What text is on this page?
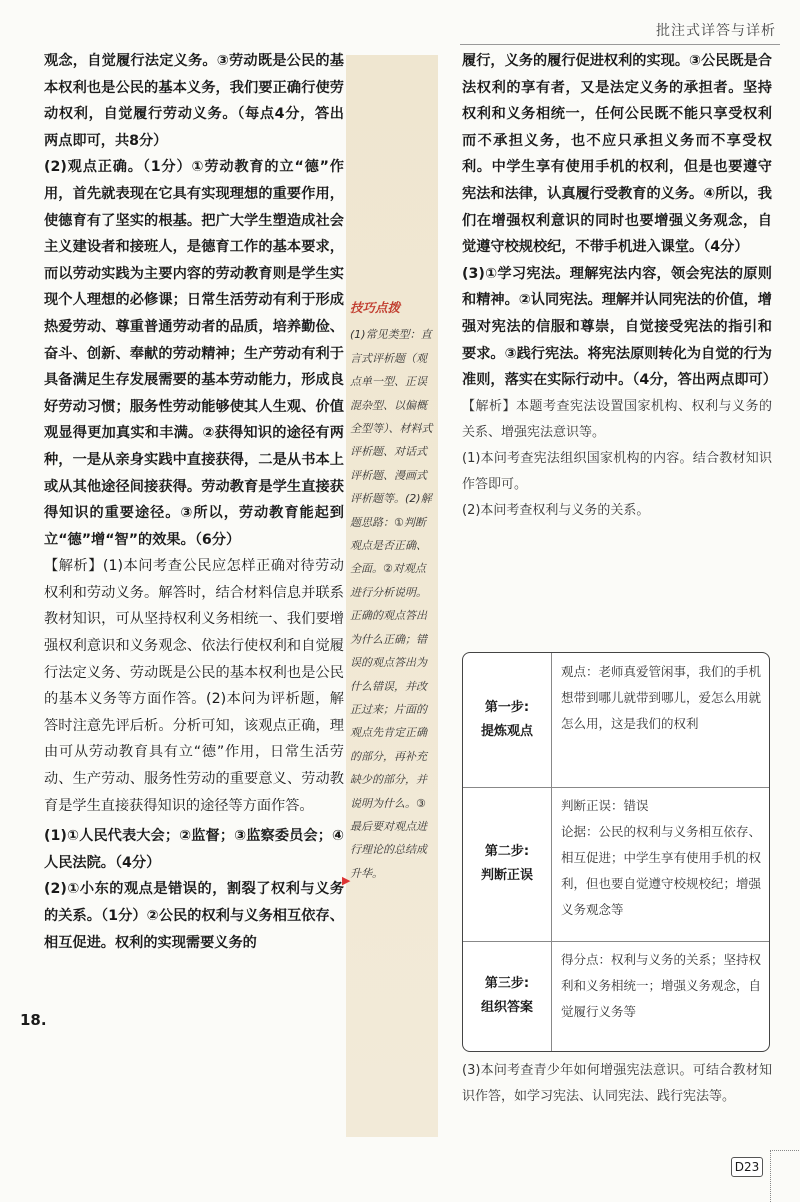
批注式详答与详析

观念，自觉履行法定义务。③劳动既是公民的基本权利也是公民的基本义务，我们要正确行使劳动权利，自觉履行劳动义务。（每点4分，答出两点即可，共8分）

(2)观点正确。（1分）①劳动教育的立“德”作用，首先就表现在它具有实现理想的重要作用，使德育有了坚实的根基。把广大学生塑造成社会主义建设者和接班人，是德育工作的基本要求，而以劳动实践为主要内容的劳动教育则是学生实现个人理想的必修课；日常生活劳动有利于形成热爱劳动、尊重普通劳动者的品质，培养勤俭、奋斗、创新、奉献的劳动精神；生产劳动有利于具备满足生存发展需要的基本劳动能力，形成良好劳动习惯；服务性劳动能够使其人生观、价值观显得更加真实和丰满。②获得知识的途径有两种，一是从亲身实践中直接获得，二是从书本上或从其他途径间接获得。劳动教育是学生直接获得知识的重要途径。③所以，劳动教育能起到立“德”增“智”的效果。（6分）

【解析】(1)本问考查公民应怎样正确对待劳动权利和劳动义务。解答时，结合材料信息并联系教材知识，可从坚持权利义务相统一、我们要增强权利意识和义务观念、依法行使权利和自觉履行法定义务、劳动既是公民的基本权利也是公民的基本义务等方面作答。(2)本问为评析题，解答时注意先评后析。分析可知，该观点正确，理由可从劳动教育具有立“德”作用，日常生活劳动、生产劳动、服务性劳动的重要意义、劳动教育是学生直接获得知识的途径等方面作答。

(1)①人民代表大会；②监督；③监察委员会；④人民法院。（4分）

(2)①小东的观点是错误的，割裂了权利与义务的关系。（1分）②公民的权利与义务相互依存、相互促进。权利的实现需要义务的

18.
技巧点拨
(1)常见类型：直言式评析题（观点单一型、正误混杂型、以偏概全型等）、材料式评析题、对话式评析题、漫画式评析题等。(2)解题思路：①判断观点是否正确、全面。②对观点进行分析说明。正确的观点答出为什么正确；错误的观点答出为什么错误，并改正过来；片面的观点先肯定正确的部分，再补充缺少的部分，并说明为什么。③最后要对观点进行理论的总结成升华。
▶

履行，义务的履行促进权利的实现。③公民既是合法权利的享有者，又是法定义务的承担者。坚持权利和义务相统一，任何公民既不能只享受权利而不承担义务，也不应只承担义务而不享受权利。中学生享有使用手机的权利，但是也要遵守宪法和法律，认真履行受教育的义务。④所以，我们在增强权利意识的同时也要增强义务观念，自觉遵守校规校纪，不带手机进入课堂。（4分）

(3)①学习宪法。理解宪法内容，领会宪法的原则和精神。②认同宪法。理解并认同宪法的价值，增强对宪法的信服和尊崇，自觉接受宪法的指引和要求。③践行宪法。将宪法原则转化为自觉的行为准则，落实在实际行动中。（4分，答出两点即可）

【解析】本题考查宪法设置国家机构、权利与义务的关系、增强宪法意识等。

(1)本问考查宪法组织国家机构的内容。结合教材知识作答即可。

(2)本问考查权利与义务的关系。

第一步:
提炼观点
观点：老师真爱管闲事，我们的手机想带到哪儿就带到哪儿，爱怎么用就怎么用，这是我们的权利
第二步:
判断正误
判断正误：错误
论据：公民的权利与义务相互依存、相互促进；中学生享有使用手机的权利，但也要自觉遵守校规校纪；增强义务观念等
第三步:
组织答案
得分点：权利与义务的关系；坚持权利和义务相统一；增强义务观念，自觉履行义务等
(3)本问考查青少年如何增强宪法意识。可结合教材知识作答，如学习宪法、认同宪法、践行宪法等。
D23
